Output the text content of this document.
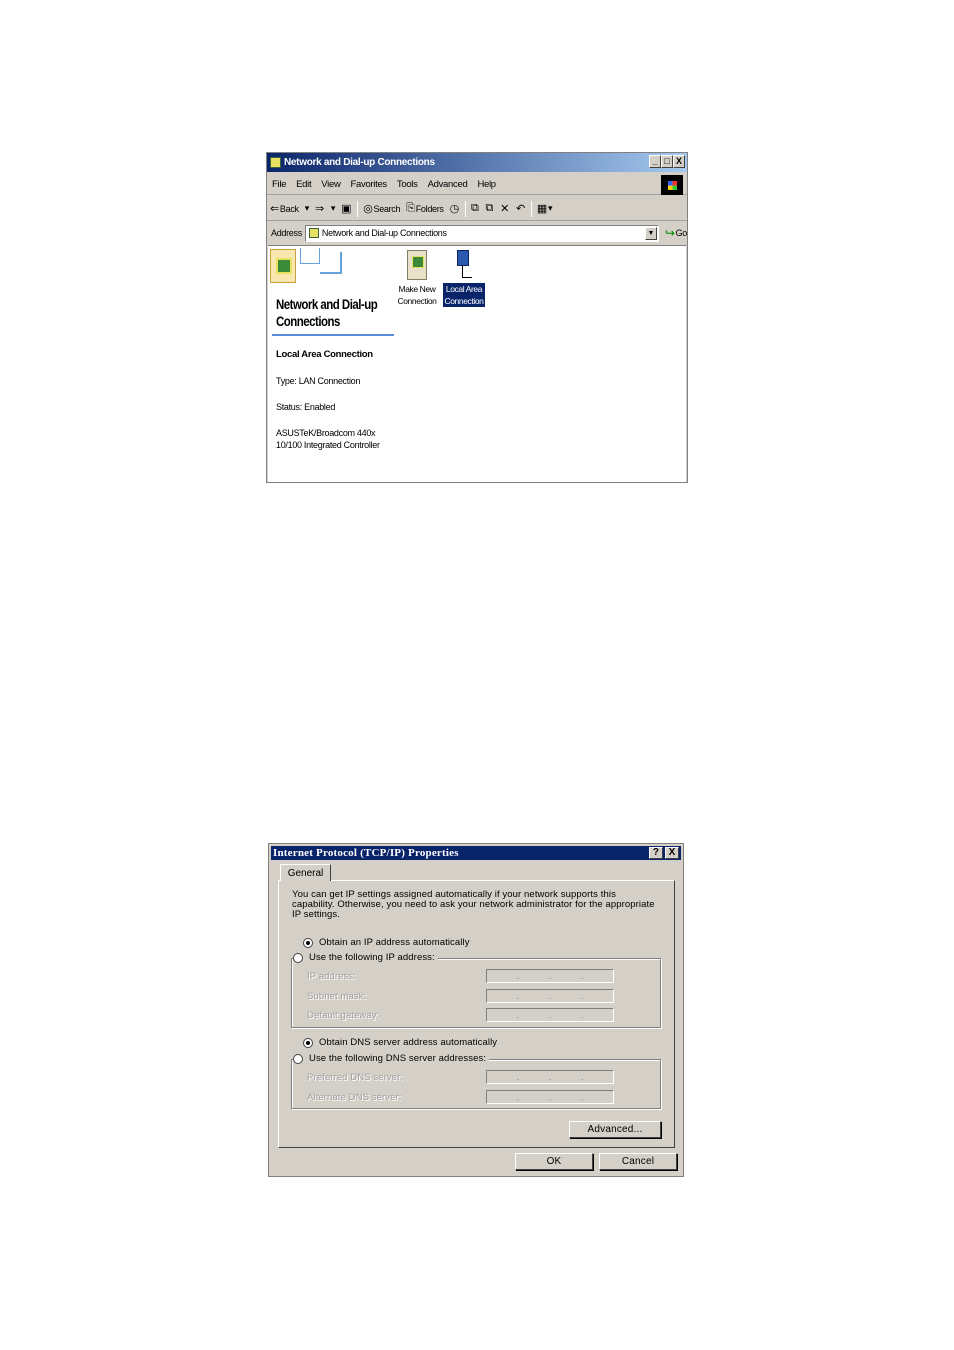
Network and Dial-up Connections	_ □ X
File	Edit	View	Favorites	Tools	Advanced	Help
⇐ Back ▾ ⇒ ▾ ▣ ◎ Search ⎘ Folders ◷ ⧉ ⧉ ✕ ↶ ▦ ▾
Address	Network and Dial-up Connections	▼ ↪ Go
Network and Dial-up Connections
Local Area Connection
Type: LAN Connection
Status: Enabled
ASUSTeK/Broadcom 440x 10/100 Integrated Controller
Make New Connection
Local Area Connection
Internet Protocol (TCP/IP) Properties	? X
General
You can get IP settings assigned automatically if your network supports this capability. Otherwise, you need to ask your network administrator for the appropriate IP settings.
Obtain an IP address automatically
IP address:	.	.	.
Subnet mask:	.	.	.
Default gateway:	.	.	.
Use the following IP address:
Obtain DNS server address automatically
Preferred DNS server:	.	.	.
Alternate DNS server:	.	.	.
Use the following DNS server addresses:
Advanced...
OK	Cancel
